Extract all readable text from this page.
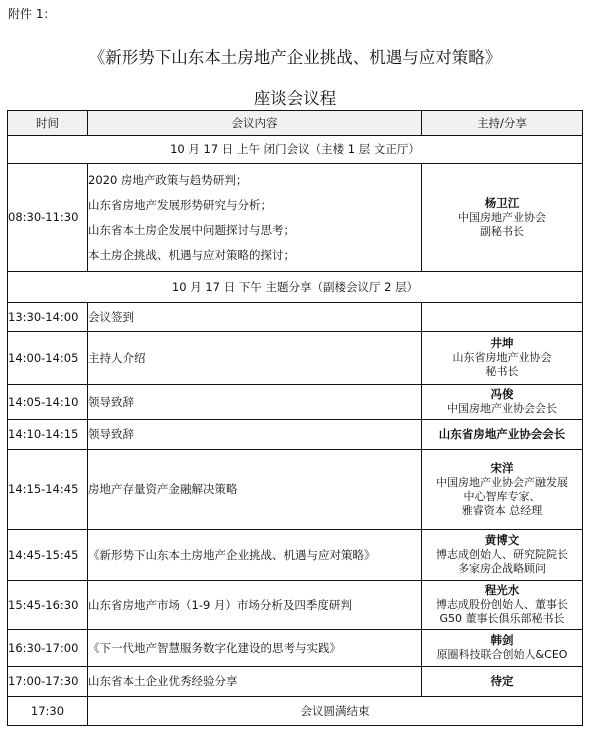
附件 1：
《新形势下山东本土房地产企业挑战、机遇与应对策略》
座谈会议程
时间	会议内容	主持/分享
10 月 17 日 上午 闭门会议（主楼 1 层 文正厅）		
08:30-11:30	2020 房地产政策与趋势研判；
山东省房地产发展形势研究与分析；
山东省本土房企发展中问题探讨与思考；
本土房企挑战、机遇与应对策略的探讨；	杨卫江
中国房地产业协会
副秘书长

10 月 17 日 下午 主题分享（副楼会议厅 2 层）		
13:30-14:00	会议签到	
14:00-14:05	主持人介绍	井坤
山东省房地产业协会
秘书长

14:05-14:10	领导致辞	冯俊
中国房地产业协会会长

14:10-14:15	领导致辞	山东省房地产业协会会长

14:15-14:45	房地产存量资产金融解决策略	宋洋
中国房地产业协会产融发展
中心智库专家、
雅睿资本 总经理

14:45-15:45	《新形势下山东本土房地产企业挑战、机遇与应对策略》	黄博文
博志成创始人、研究院院长
多家房企战略顾问

15:45-16:30	山东省房地产市场（1-9 月）市场分析及四季度研判	程光水
博志成股份创始人、董事长
G50 董事长俱乐部秘书长

16:30-17:00	《下一代地产智慧服务数字化建设的思考与实践》	韩剑
原圈科技联合创始人&CEO

17:00-17:30	山东省本土企业优秀经验分享	待定

17:30	会议圆满结束	
